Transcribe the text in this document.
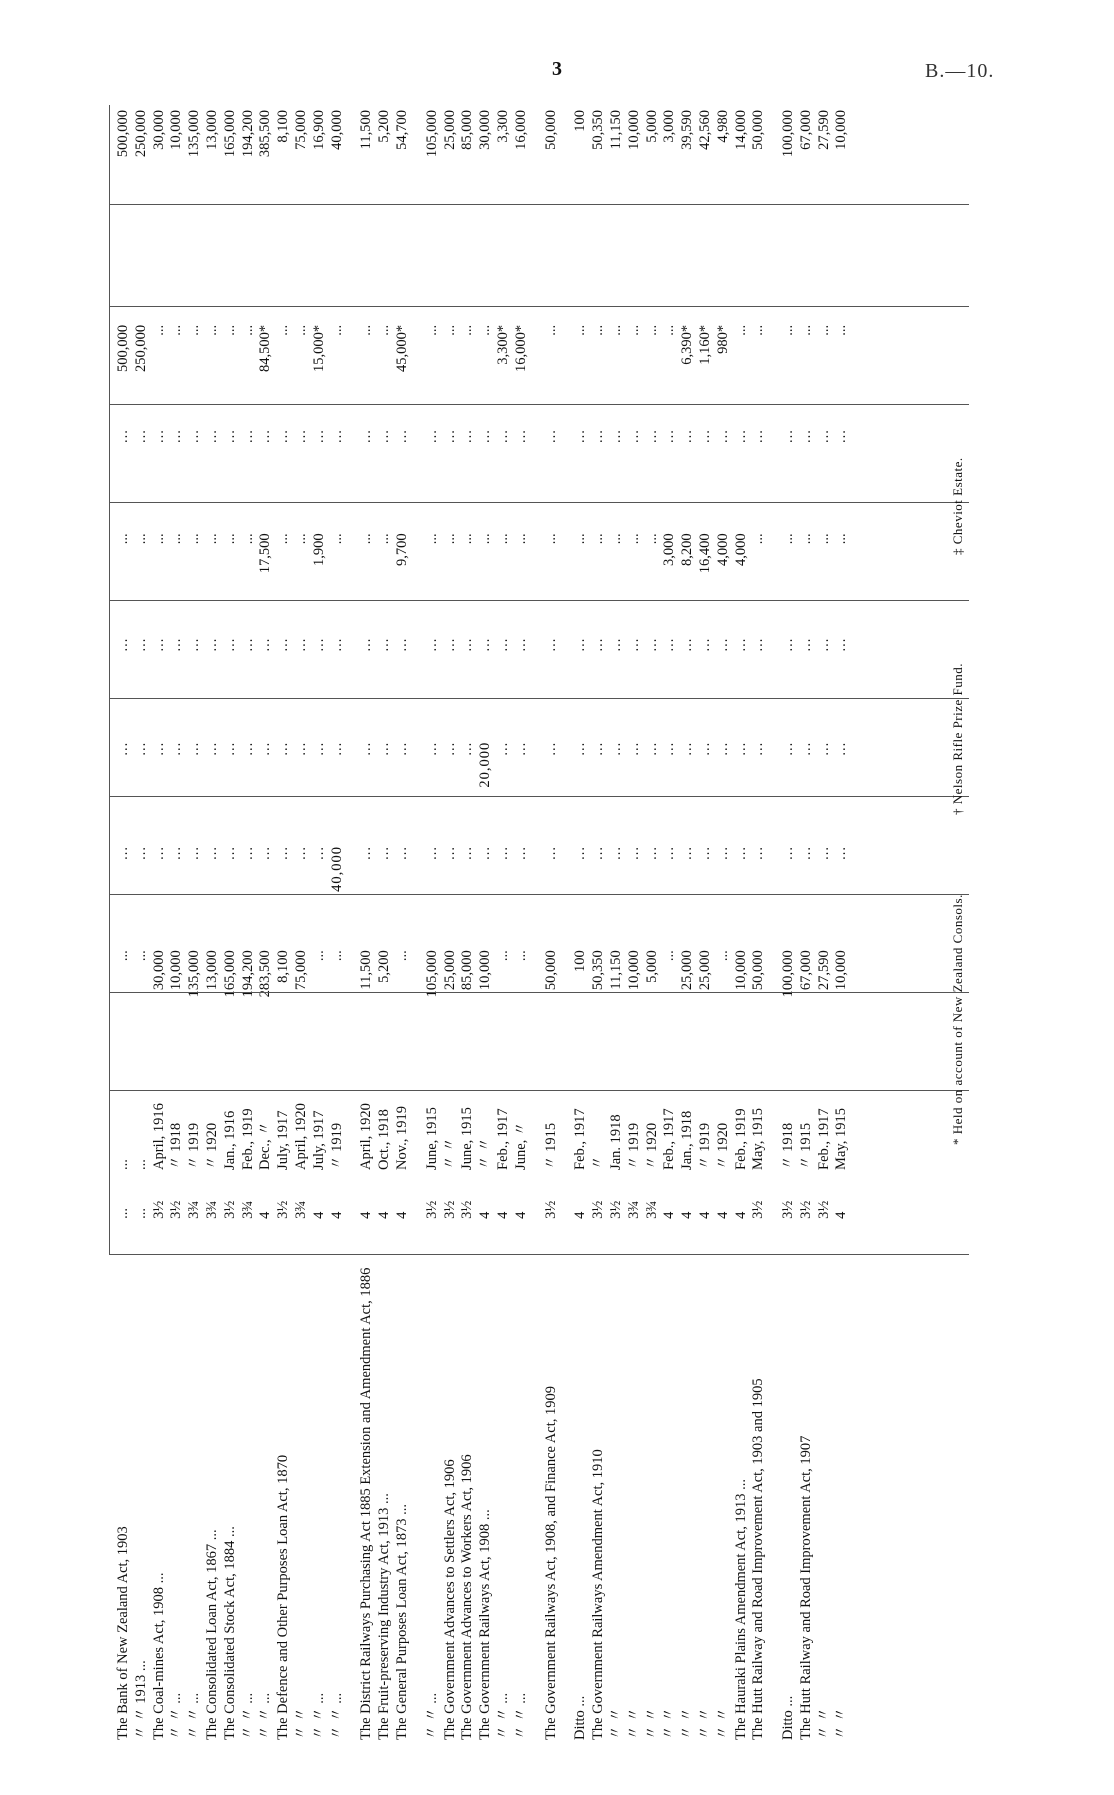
3	B.—10.
The Bank of New Zealand Act, 1903	...	...	...	...	...	...	...	...	500,000		500,000
〃 〃 1913 ...	...	...	...	...	...	...	...	...	250,000		250,000
The Coal-mines Act, 1908 ...	3½	April, 1916	30,000	...	...	...	...	...	...		30,000
〃 〃 ...	3½	〃 1918	10,000	...	...	...	...	...	...		10,000
〃 〃 ...	3¾	〃 1919	135,000	...	...	...	...	...	...		135,000
The Consolidated Loan Act, 1867 ...	3¾	〃 1920	13,000	...	...	...	...	...	...		13,000
The Consolidated Stock Act, 1884 ...	3½	Jan., 1916	165,000	...	...	...	...	...	...		165,000
〃 〃 ...	3¾	Feb., 1919	194,200	...	...	...	...	...	...		194,200
〃 〃 ...	4	Dec., 〃	283,500	...	...	...	17,500	...	84,500*		385,500
The Defence and Other Purposes Loan Act, 1870	3½	July, 1917	8,100	...	...	...	...	...	...		8,100
〃 〃	3¾	April, 1920	75,000	...	...	...	...	...	...		75,000
〃 〃 ...	4	July, 1917	...	...	...	...	1,900	...	15,000*		16,900
〃 〃 ...	4	〃 1919	...	40,000	...	...	...	...	...		40,000
The District Railways Purchasing Act 1885 Extension and Amendment Act, 1886	4	April, 1920	11,500	...	...	...	...	...	...		11,500
The Fruit-preserving Industry Act, 1913 ...	4	Oct., 1918	5,200	...	...	...	...	...	...		5,200
The General Purposes Loan Act, 1873 ...	4	Nov., 1919	...	...	...	...	9,700	...	45,000*		54,700
〃 〃 ...	3½	June, 1915	105,000	...	...	...	...	...	...		105,000
The Government Advances to Settlers Act, 1906	3½	〃 〃	25,000	...	...	...	...	...	...		25,000
The Government Advances to Workers Act, 1906	3½	June, 1915	85,000	...	...	...	...	...	...		85,000
The Government Railways Act, 1908 ...	4	〃 〃	10,000	...	20,000	...	...	...	...		30,000
〃 〃 ...	4	Feb., 1917	...	...	...	...	...	...	3,300*		3,300
〃 〃 ...	4	June, 〃	...	...	...	...	...	...	16,000*		16,000
The Government Railways Act, 1908, and Finance Act, 1909	3½	〃 1915	50,000	...	...	...	...	...	...		50,000
Ditto ...	4	Feb., 1917	100	...	...	...	...	...	...		100
The Government Railways Amendment Act, 1910	3½	〃	50,350	...	...	...	...	...	...		50,350
〃 〃	3½	Jan. 1918	11,150	...	...	...	...	...	...		11,150
〃 〃	3¾	〃 1919	10,000	...	...	...	...	...	...		10,000
〃 〃	3¾	〃 1920	5,000	...	...	...	...	...	...		5,000
〃 〃	4	Feb., 1917	...	...	...	...	3,000	...	...		3,000
〃 〃	4	Jan., 1918	25,000	...	...	...	8,200	...	6,390*		39,590
〃 〃	4	〃 1919	25,000	...	...	...	16,400	...	1,160*		42,560
〃 〃	4	〃 1920	...	...	...	...	4,000	...	980*		4,980
The Hauraki Plains Amendment Act, 1913 ...	4	Feb., 1919	10,000	...	...	...	4,000	...	...		14,000
The Hutt Railway and Road Improvement Act, 1903 and 1905	3½	May, 1915	50,000	...	...	...	...	...	...		50,000
Ditto ...	3½	〃 1918	100,000	...	...	...	...	...	...		100,000
The Hutt Railway and Road Improvement Act, 1907	3½	〃 1915	67,000	...	...	...	...	...	...		67,000
〃 〃	3½	Feb., 1917	27,590	...	...	...	...	...	...		27,590
〃 〃	4	May, 1915	10,000	...	...	...	...	...	...		10,000
* Held on account of New Zealand Consols.
† Nelson Rifle Prize Fund.
‡ Cheviot Estate.
